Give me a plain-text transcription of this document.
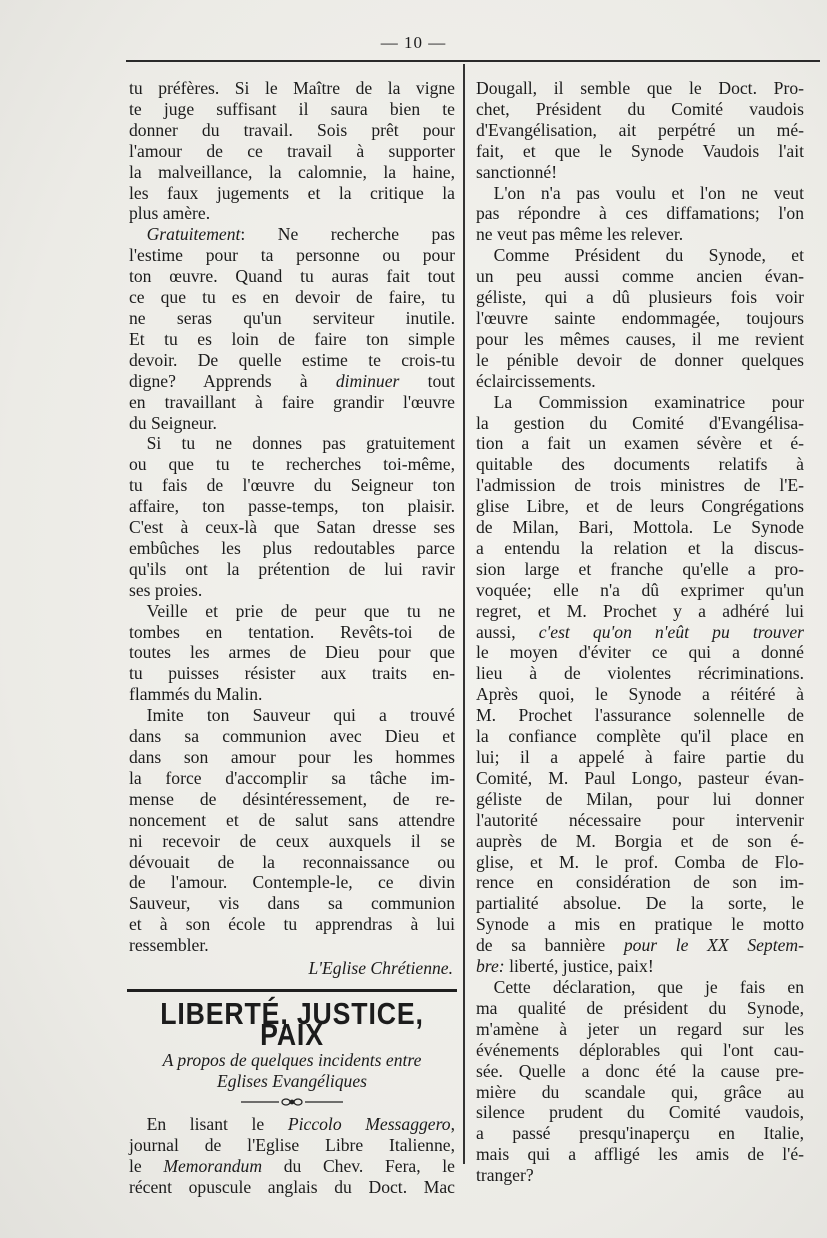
— 10 —

tu préfères. Si le Maître de la vigne
te juge suffisant il saura bien te
donner du travail. Sois prêt pour
l'amour de ce travail à supporter
la malveillance, la calomnie, la haine,
les faux jugements et la critique la
plus amère.

 Gratuitement: Ne recherche pas
l'estime pour ta personne ou pour
ton œuvre. Quand tu auras fait tout
ce que tu es en devoir de faire, tu
ne seras qu'un serviteur inutile.
Et tu es loin de faire ton simple
devoir. De quelle estime te crois-tu
digne? Apprends à diminuer tout
en travaillant à faire grandir l'œuvre
du Seigneur.

 Si tu ne donnes pas gratuitement
ou que tu te recherches toi-même,
tu fais de l'œuvre du Seigneur ton
affaire, ton passe-temps, ton plaisir.
C'est à ceux-là que Satan dresse ses
embûches les plus redoutables parce
qu'ils ont la prétention de lui ravir
ses proies.

 Veille et prie de peur que tu ne
tombes en tentation. Revêts-toi de
toutes les armes de Dieu pour que
tu puisses résister aux traits en-
flammés du Malin.

 Imite ton Sauveur qui a trouvé
dans sa communion avec Dieu et
dans son amour pour les hommes
la force d'accomplir sa tâche im-
mense de désintéressement, de re-
noncement et de salut sans attendre
ni recevoir de ceux auxquels il se
dévouait de la reconnaissance ou
de l'amour. Contemple-le, ce divin
Sauveur, vis dans sa communion
et à son école tu apprendras à lui
ressembler.

L'Eglise Chrétienne.
LIBERTÉ, JUSTICE, PAIX
A propos de quelques incidents entre
Eglises Evangéliques

 En lisant le Piccolo Messaggero,
journal de l'Eglise Libre Italienne,
le Memorandum du Chev. Fera, le
récent opuscule anglais du Doct. Mac

Dougall, il semble que le Doct. Pro-
chet, Président du Comité vaudois
d'Evangélisation, ait perpétré un mé-
fait, et que le Synode Vaudois l'ait
sanctionné!

 L'on n'a pas voulu et l'on ne veut
pas répondre à ces diffamations; l'on
ne veut pas même les relever.

 Comme Président du Synode, et
un peu aussi comme ancien évan-
géliste, qui a dû plusieurs fois voir
l'œuvre sainte endommagée, toujours
pour les mêmes causes, il me revient
le pénible devoir de donner quelques
éclaircissements.

 La Commission examinatrice pour
la gestion du Comité d'Evangélisa-
tion a fait un examen sévère et é-
quitable des documents relatifs à
l'admission de trois ministres de l'E-
glise Libre, et de leurs Congrégations
de Milan, Bari, Mottola. Le Synode
a entendu la relation et la discus-
sion large et franche qu'elle a pro-
voquée; elle n'a dû exprimer qu'un
regret, et M. Prochet y a adhéré lui
aussi, c'est qu'on n'eût pu trouver
le moyen d'éviter ce qui a donné
lieu à de violentes récriminations.
Après quoi, le Synode a réitéré à
M. Prochet l'assurance solennelle de
la confiance complète qu'il place en
lui; il a appelé à faire partie du
Comité, M. Paul Longo, pasteur évan-
géliste de Milan, pour lui donner
l'autorité nécessaire pour intervenir
auprès de M. Borgia et de son é-
glise, et M. le prof. Comba de Flo-
rence en considération de son im-
partialité absolue. De la sorte, le
Synode a mis en pratique le motto
de sa bannière pour le XX Septem-
bre: liberté, justice, paix!

 Cette déclaration, que je fais en
ma qualité de président du Synode,
m'amène à jeter un regard sur les
événements déplorables qui l'ont cau-
sée. Quelle a donc été la cause pre-
mière du scandale qui, grâce au
silence prudent du Comité vaudois,
a passé presqu'inaperçu en Italie,
mais qui a affligé les amis de l'é-
tranger?
